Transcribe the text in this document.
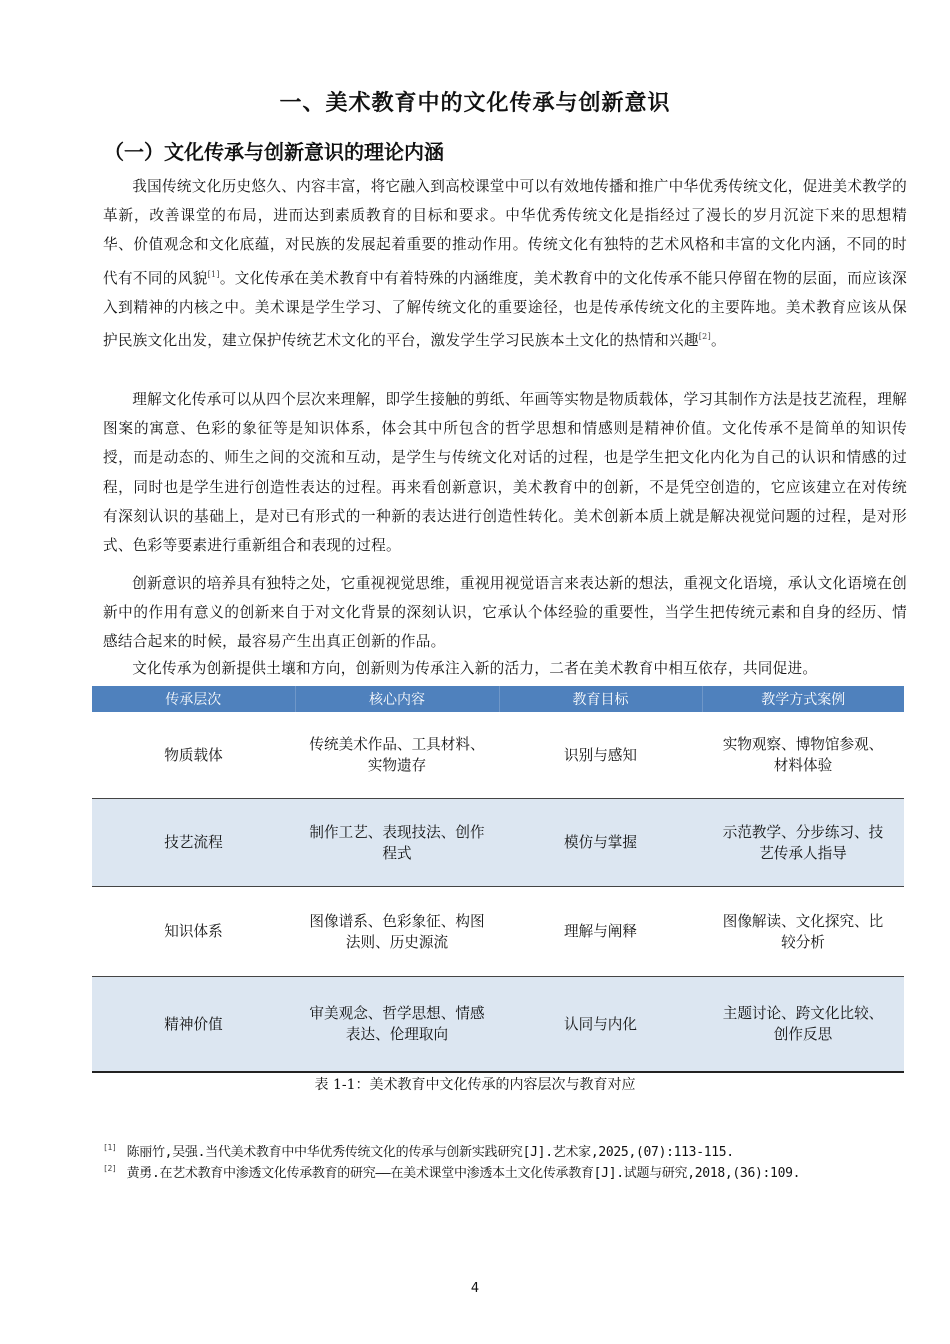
一、美术教育中的文化传承与创新意识
（一）文化传承与创新意识的理论内涵

我国传统文化历史悠久、内容丰富，将它融入到高校课堂中可以有效地传播和推广中华优秀传统文化，促进美术教学的革新，改善课堂的布局，进而达到素质教育的目标和要求。中华优秀传统文化是指经过了漫长的岁月沉淀下来的思想精华、价值观念和文化底蕴，对民族的发展起着重要的推动作用。传统文化有独特的艺术风格和丰富的文化内涵，不同的时代有不同的风貌[1]。文化传承在美术教育中有着特殊的内涵维度，美术教育中的文化传承不能只停留在物的层面，而应该深入到精神的内核之中。美术课是学生学习、了解传统文化的重要途径，也是传承传统文化的主要阵地。美术教育应该从保护民族文化出发，建立保护传统艺术文化的平台，激发学生学习民族本土文化的热情和兴趣[2]。

理解文化传承可以从四个层次来理解，即学生接触的剪纸、年画等实物是物质载体，学习其制作方法是技艺流程，理解图案的寓意、色彩的象征等是知识体系，体会其中所包含的哲学思想和情感则是精神价值。文化传承不是简单的知识传授，而是动态的、师生之间的交流和互动，是学生与传统文化对话的过程，也是学生把文化内化为自己的认识和情感的过程，同时也是学生进行创造性表达的过程。再来看创新意识，美术教育中的创新，不是凭空创造的，它应该建立在对传统有深刻认识的基础上，是对已有形式的一种新的表达进行创造性转化。美术创新本质上就是解决视觉问题的过程，是对形式、色彩等要素进行重新组合和表现的过程。

创新意识的培养具有独特之处，它重视视觉思维，重视用视觉语言来表达新的想法，重视文化语境，承认文化语境在创新中的作用有意义的创新来自于对文化背景的深刻认识，它承认个体经验的重要性，当学生把传统元素和自身的经历、情感结合起来的时候，最容易产生出真正创新的作品。

文化传承为创新提供土壤和方向，创新则为传承注入新的活力，二者在美术教育中相互依存，共同促进。

传承层次	核心内容	教育目标	教学方式案例
物质载体	传统美术作品、工具材料、实物遗存	识别与感知	实物观察、博物馆参观、材料体验
技艺流程	制作工艺、表现技法、创作程式	模仿与掌握	示范教学、分步练习、技艺传承人指导
知识体系	图像谱系、色彩象征、构图法则、历史源流	理解与阐释	图像解读、文化探究、比较分析
精神价值	审美观念、哲学思想、情感表达、伦理取向	认同与内化	主题讨论、跨文化比较、创作反思
表 1-1：美术教育中文化传承的内容层次与教育对应
[1] 陈丽竹,吴强.当代美术教育中中华优秀传统文化的传承与创新实践研究[J].艺术家,2025,(07):113-115.
[2] 黄勇.在艺术教育中渗透文化传承教育的研究——在美术课堂中渗透本土文化传承教育[J].试题与研究,2018,(36):109.
4
